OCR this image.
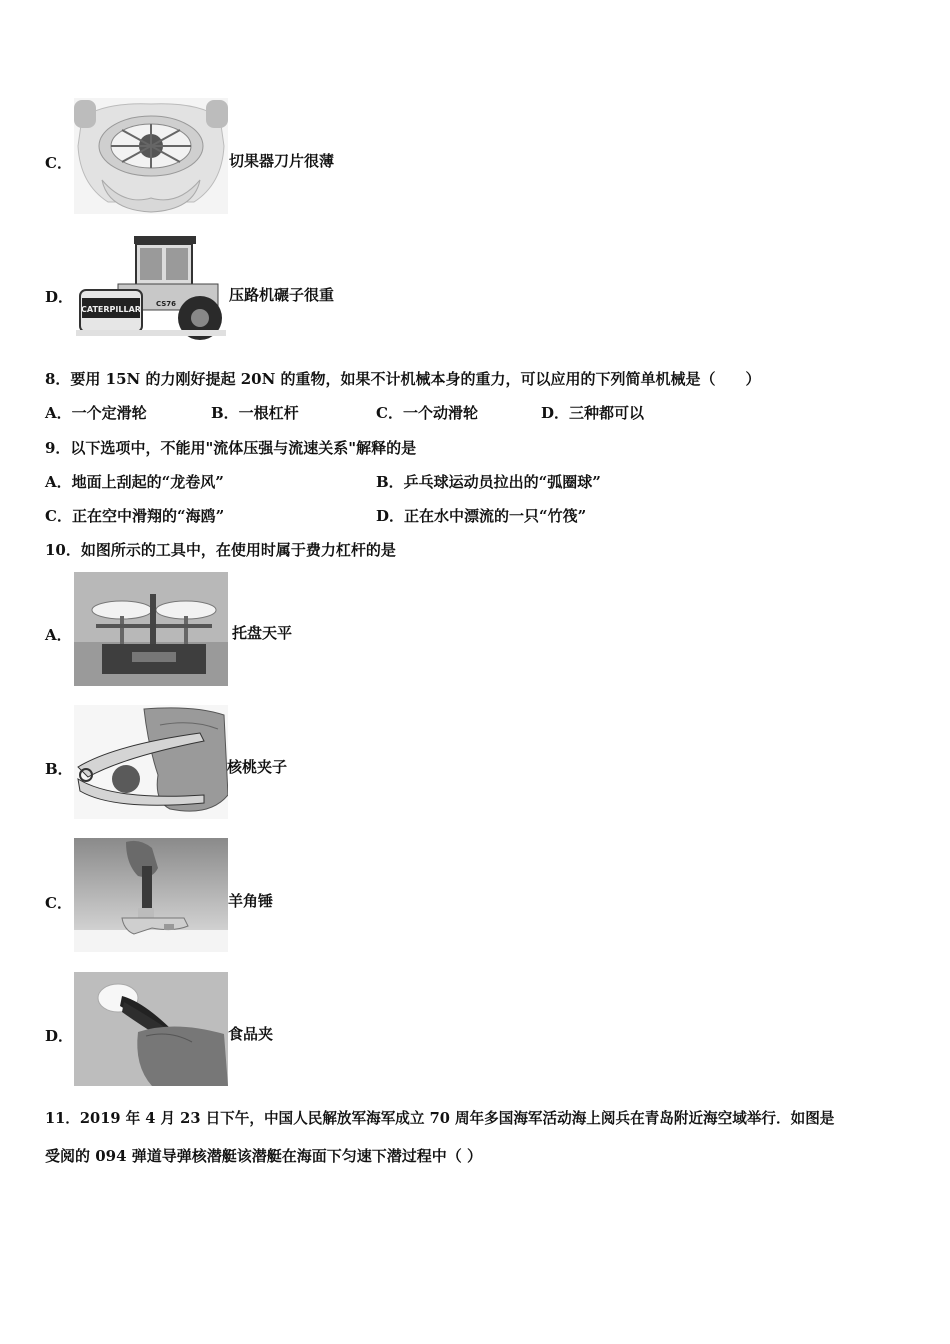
C．	切果器刀片很薄
D．
CATERPILLAR
CS76	压路机碾子很重
8．要用 15N 的力刚好提起 20N 的重物，如果不计机械本身的重力，可以应用的下列简单机械是（　　）
A．一个定滑轮	B．一根杠杆	C．一个动滑轮	D．三种都可以
9．以下选项中，不能用"流体压强与流速关系"解释的是
A．地面上刮起的“龙卷风”	B．乒乓球运动员拉出的“弧圈球”
C．正在空中滑翔的“海鸥”	D．正在水中漂流的一只“竹筏”
10．如图所示的工具中，在使用时属于费力杠杆的是
A．	托盘天平
B．	核桃夹子
C．	羊角锤
D．	食品夹
11．2019 年 4 月 23 日下午，中国人民解放军海军成立 70 周年多国海军活动海上阅兵在青岛附近海空域举行．如图是
受阅的 094 弹道导弹核潜艇该潜艇在海面下匀速下潜过程中（ ）
